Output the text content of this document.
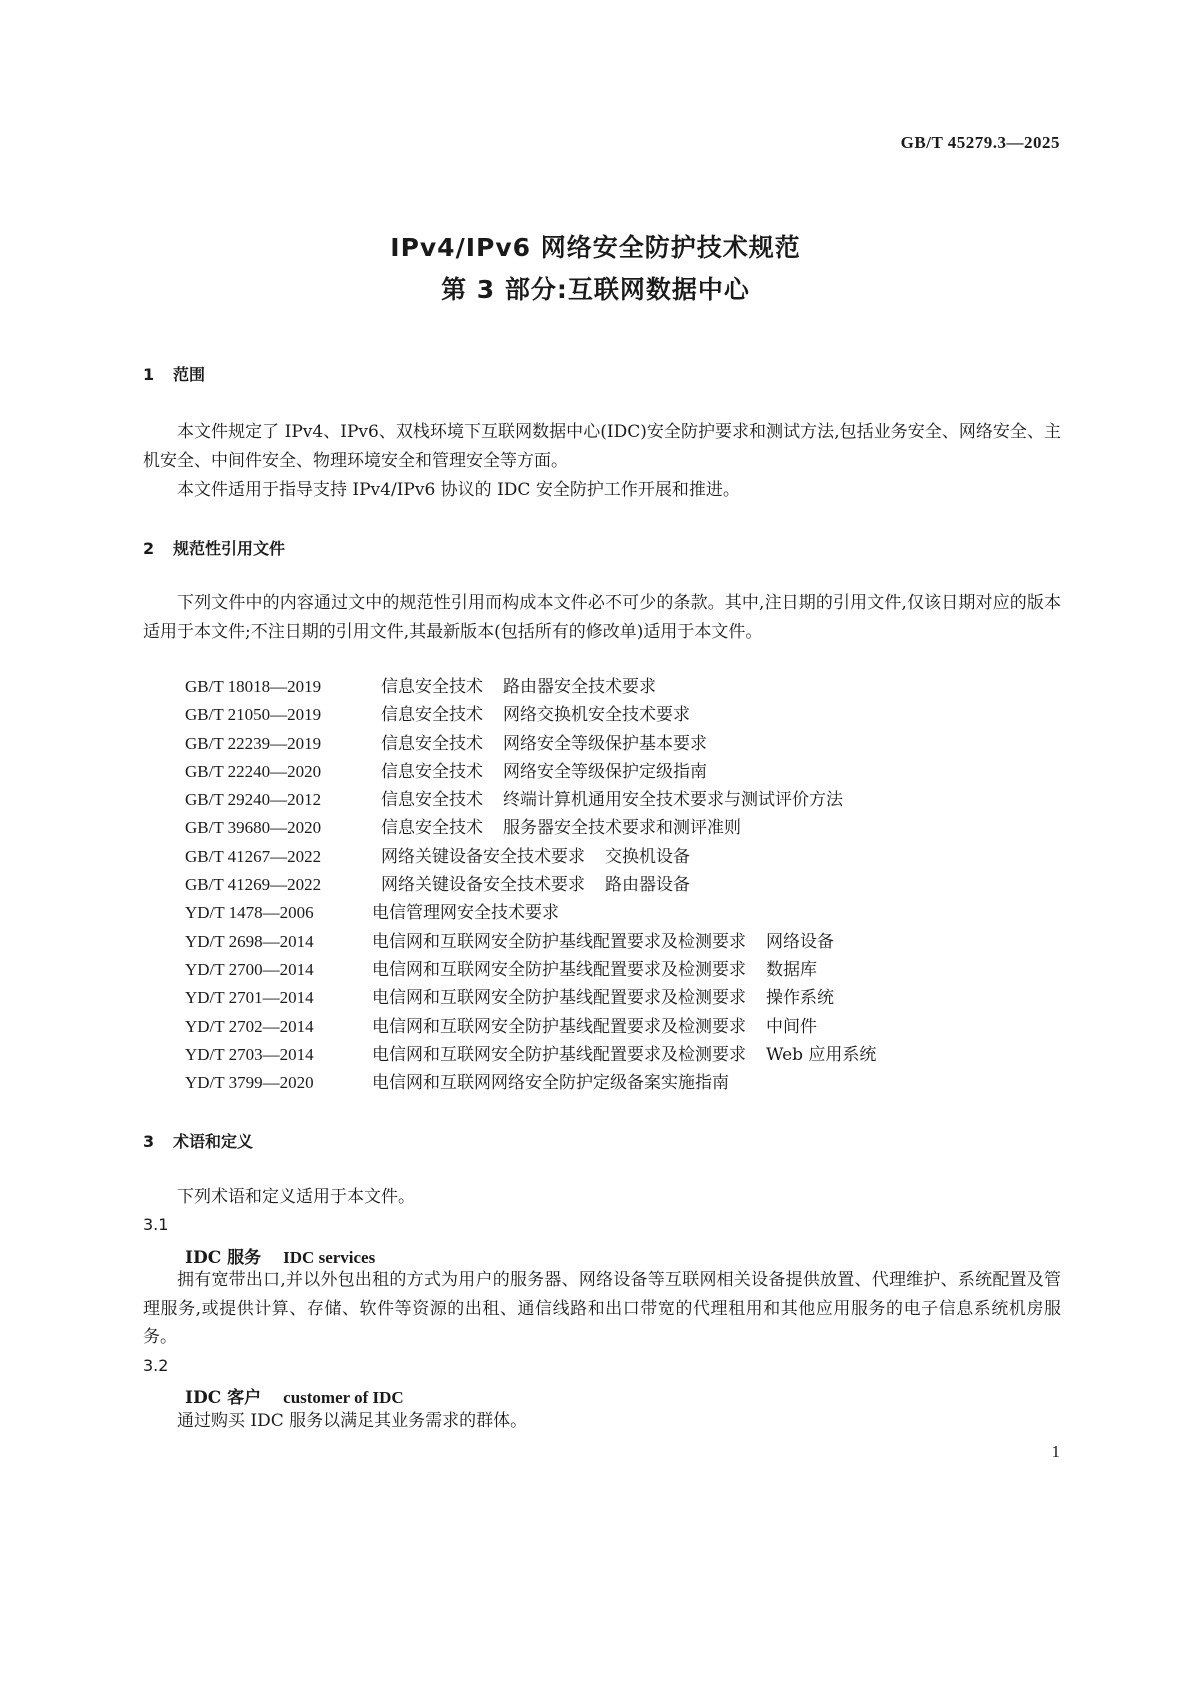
GB/T 45279.3—2025
IPv4/IPv6 网络安全防护技术规范
第 3 部分:互联网数据中心
1 范围

本文件规定了 IPv4、IPv6、双栈环境下互联网数据中心(IDC)安全防护要求和测试方法,包括业务安全、网络安全、主机安全、中间件安全、物理环境安全和管理安全等方面。

本文件适用于指导支持 IPv4/IPv6 协议的 IDC 安全防护工作开展和推进。

2 规范性引用文件

下列文件中的内容通过文中的规范性引用而构成本文件必不可少的条款。其中,注日期的引用文件,仅该日期对应的版本适用于本文件;不注日期的引用文件,其最新版本(包括所有的修改单)适用于本文件。

GB/T 18018—2019	信息安全技术 路由器安全技术要求
GB/T 21050—2019	信息安全技术 网络交换机安全技术要求
GB/T 22239—2019	信息安全技术 网络安全等级保护基本要求
GB/T 22240—2020	信息安全技术 网络安全等级保护定级指南
GB/T 29240—2012	信息安全技术 终端计算机通用安全技术要求与测试评价方法
GB/T 39680—2020	信息安全技术 服务器安全技术要求和测评准则
GB/T 41267—2022	网络关键设备安全技术要求 交换机设备
GB/T 41269—2022	网络关键设备安全技术要求 路由器设备
YD/T 1478—2006	电信管理网安全技术要求
YD/T 2698—2014	电信网和互联网安全防护基线配置要求及检测要求 网络设备
YD/T 2700—2014	电信网和互联网安全防护基线配置要求及检测要求 数据库
YD/T 2701—2014	电信网和互联网安全防护基线配置要求及检测要求 操作系统
YD/T 2702—2014	电信网和互联网安全防护基线配置要求及检测要求 中间件
YD/T 2703—2014	电信网和互联网安全防护基线配置要求及检测要求 Web 应用系统
YD/T 3799—2020	电信网和互联网网络安全防护定级备案实施指南
3 术语和定义

下列术语和定义适用于本文件。

3.1
IDC 服务 IDC services

拥有宽带出口,并以外包出租的方式为用户的服务器、网络设备等互联网相关设备提供放置、代理维护、系统配置及管理服务,或提供计算、存储、软件等资源的出租、通信线路和出口带宽的代理租用和其他应用服务的电子信息系统机房服务。

3.2
IDC 客户 customer of IDC

通过购买 IDC 服务以满足其业务需求的群体。

1
